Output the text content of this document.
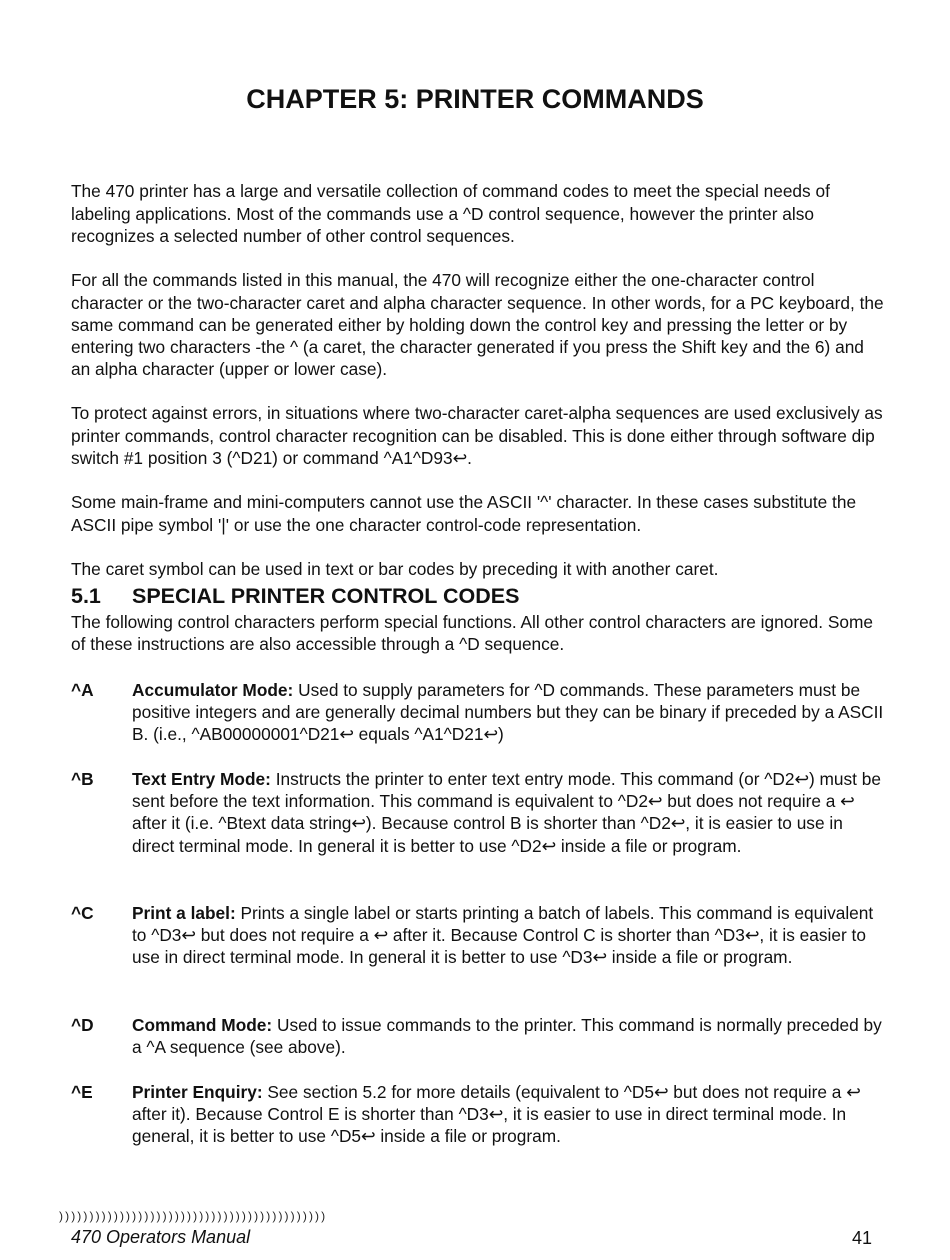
CHAPTER 5: PRINTER COMMANDS

The 470 printer has a large and versatile collection of command codes to meet the special needs of labeling applications. Most of the commands use a ^D control sequence, however the printer also recognizes a selected number of other control sequences.

For all the commands listed in this manual, the 470 will recognize either the one-character control character or the two-character caret and alpha character sequence. In other words, for a PC keyboard, the same command can be generated either by holding down the control key and pressing the letter or by entering two characters -the ^ (a caret, the character generated if you press the Shift key and the 6) and an alpha character (upper or lower case).

To protect against errors, in situations where two-character caret-alpha sequences are used exclusively as printer commands, control character recognition can be disabled. This is done either through software dip switch #1 position 3 (^D21) or command ^A1^D93↩.

Some main-frame and mini-computers cannot use the ASCII '^' character. In these cases substitute the ASCII pipe symbol '|' or use the one character control-code representation.

The caret symbol can be used in text or bar codes by preceding it with another caret.

5.1 SPECIAL PRINTER CONTROL CODES

The following control characters perform special functions. All other control characters are ignored. Some of these instructions are also accessible through a ^D sequence.

^A Accumulator Mode: Used to supply parameters for ^D commands. These parameters must be positive integers and are generally decimal numbers but they can be binary if preceded by a ASCII B. (i.e., ^AB00000001^D21↩ equals ^A1^D21↩)
^B Text Entry Mode: Instructs the printer to enter text entry mode. This command (or ^D2↩) must be sent before the text information. This command is equivalent to ^D2↩ but does not require a ↩ after it (i.e. ^Btext data string↩). Because control B is shorter than ^D2↩, it is easier to use in direct terminal mode. In general it is better to use ^D2↩ inside a file or program.
^C Print a label: Prints a single label or starts printing a batch of labels. This command is equivalent to ^D3↩ but does not require a ↩ after it. Because Control C is shorter than ^D3↩, it is easier to use in direct terminal mode. In general it is better to use ^D3↩ inside a file or program.
^D Command Mode: Used to issue commands to the printer. This command is normally preceded by a ^A sequence (see above).
^E Printer Enquiry: See section 5.2 for more details (equivalent to ^D5↩ but does not require a ↩ after it). Because Control E is shorter than ^D3↩, it is easier to use in direct terminal mode. In general, it is better to use ^D5↩ inside a file or program.
))))))))))))))))))))))))))))))))))))))))))))
470 Operators Manual	41
